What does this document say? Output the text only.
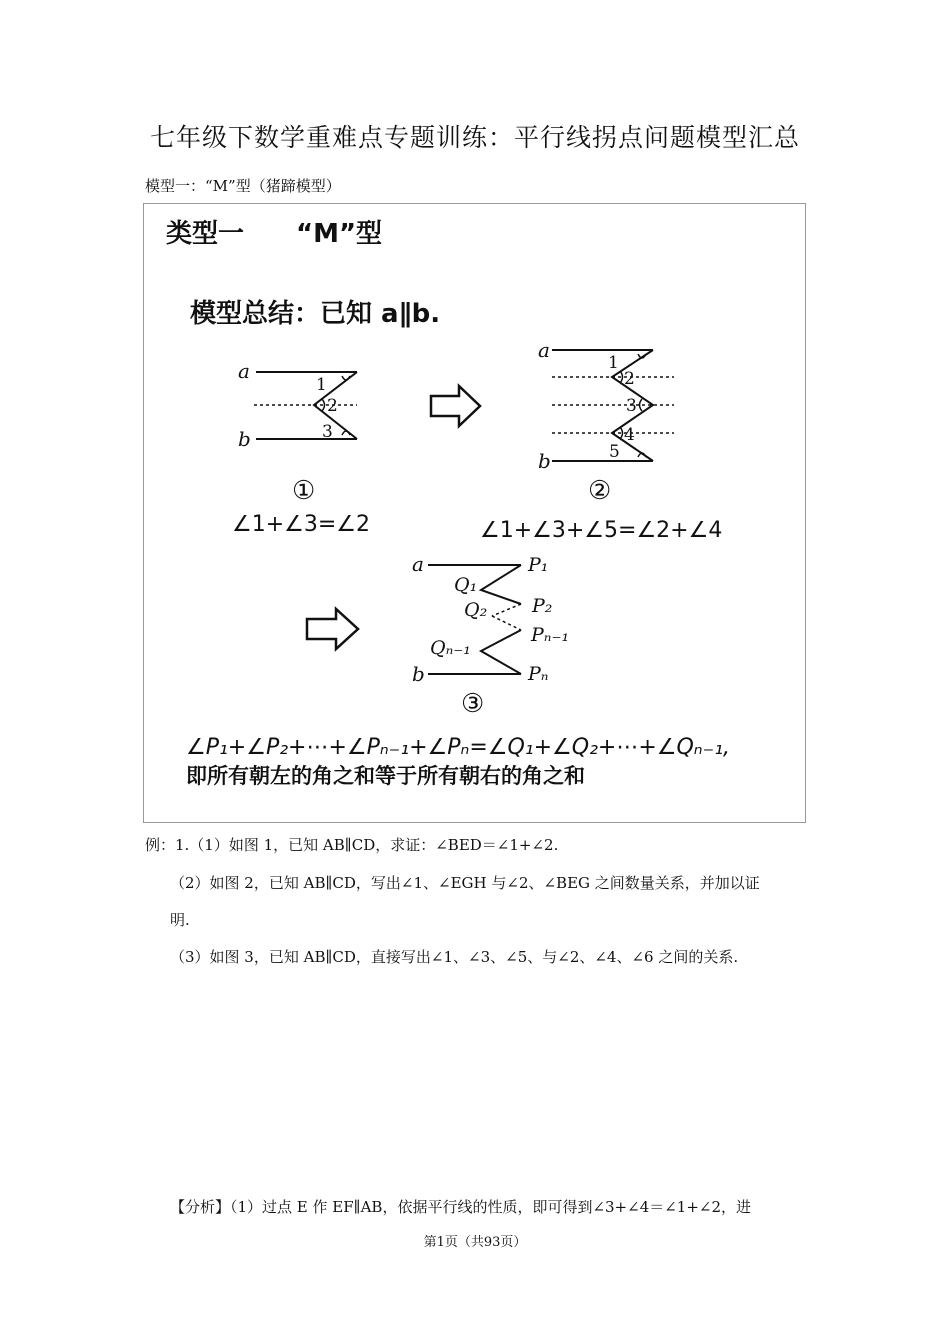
七年级下数学重难点专题训练：平行线拐点问题模型汇总
模型一：“M”型（猪蹄模型）
类型一　　“M”型
模型总结：已知 a∥b.
a
b
1
2
3
①
∠1+∠3=∠2
a
b
1
2
3
4
5
②
∠1+∠3+∠5=∠2+∠4
a
b
P₁
P₂
Pₙ₋₁
Pₙ
Q₁
Q₂
Qₙ₋₁
③
∠P₁+∠P₂+⋯+∠Pₙ₋₁+∠Pₙ=∠Q₁+∠Q₂+⋯+∠Qₙ₋₁,
即所有朝左的角之和等于所有朝右的角之和
例：1.（1）如图 1，已知 AB∥CD，求证：∠BED＝∠1+∠2.
（2）如图 2，已知 AB∥CD，写出∠1、∠EGH 与∠2、∠BEG 之间数量关系，并加以证
明.
（3）如图 3，已知 AB∥CD，直接写出∠1、∠3、∠5、与∠2、∠4、∠6 之间的关系.
【分析】（1）过点 E 作 EF∥AB，依据平行线的性质，即可得到∠3+∠4＝∠1+∠2，进
第1页（共93页）
